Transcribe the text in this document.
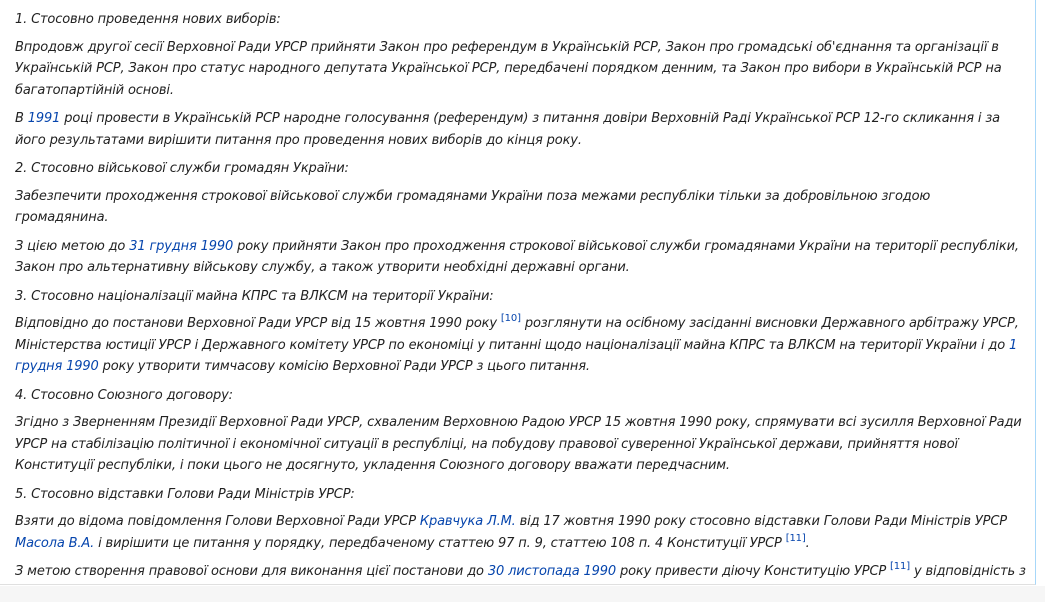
1. Стосовно проведення нових виборів:

Впродовж другої сесії Верховної Ради УРСР прийняти Закон про референдум в Українській РСР, Закон про громадські об'єднання та організації в Українській РСР, Закон про статус народного депутата Української РСР, передбачені порядком денним, та Закон про вибори в Українській РСР на багатопартійній основі.

В 1991 році провести в Українській РСР народне голосування (референдум) з питання довіри Верховній Раді Української РСР 12-го скликання і за його результатами вирішити питання про проведення нових виборів до кінця року.

2. Стосовно військової служби громадян України:

Забезпечити проходження строкової військової служби громадянами України поза межами республіки тільки за добровільною згодою громадянина.

З цією метою до 31 грудня 1990 року прийняти Закон про проходження строкової військової служби громадянами України на території республіки, Закон про альтернативну військову службу, а також утворити необхідні державні органи.

3. Стосовно націоналізації майна КПРС та ВЛКСМ на території України:

Відповідно до постанови Верховної Ради УРСР від 15 жовтня 1990 року [10] розглянути на осібному засіданні висновки Державного арбітражу УРСР, Міністерства юстиції УРСР і Державного комітету УРСР по економіці у питанні щодо націоналізації майна КПРС та ВЛКСМ на території України і до 1 грудня 1990 року утворити тимчасову комісію Верховної Ради УРСР з цього питання.

4. Стосовно Союзного договору:

Згідно з Зверненням Президії Верховної Ради УРСР, схваленим Верховною Радою УРСР 15 жовтня 1990 року, спрямувати всі зусилля Верховної Ради УРСР на стабілізацію політичної і економічної ситуації в республіці, на побудову правової суверенної Української держави, прийняття нової Конституції республіки, і поки цього не досягнуто, укладення Союзного договору вважати передчасним.

5. Стосовно відставки Голови Ради Міністрів УРСР:

Взяти до відома повідомлення Голови Верховної Ради УРСР Кравчука Л.М. від 17 жовтня 1990 року стосовно відставки Голови Ради Міністрів УРСР Масола В.А. і вирішити це питання у порядку, передбаченому статтею 97 п. 9, статтею 108 п. 4 Конституції УРСР [11].

З метою створення правової основи для виконання цієї постанови до 30 листопада 1990 року привести діючу Конституцію УРСР [11] у відповідність з
